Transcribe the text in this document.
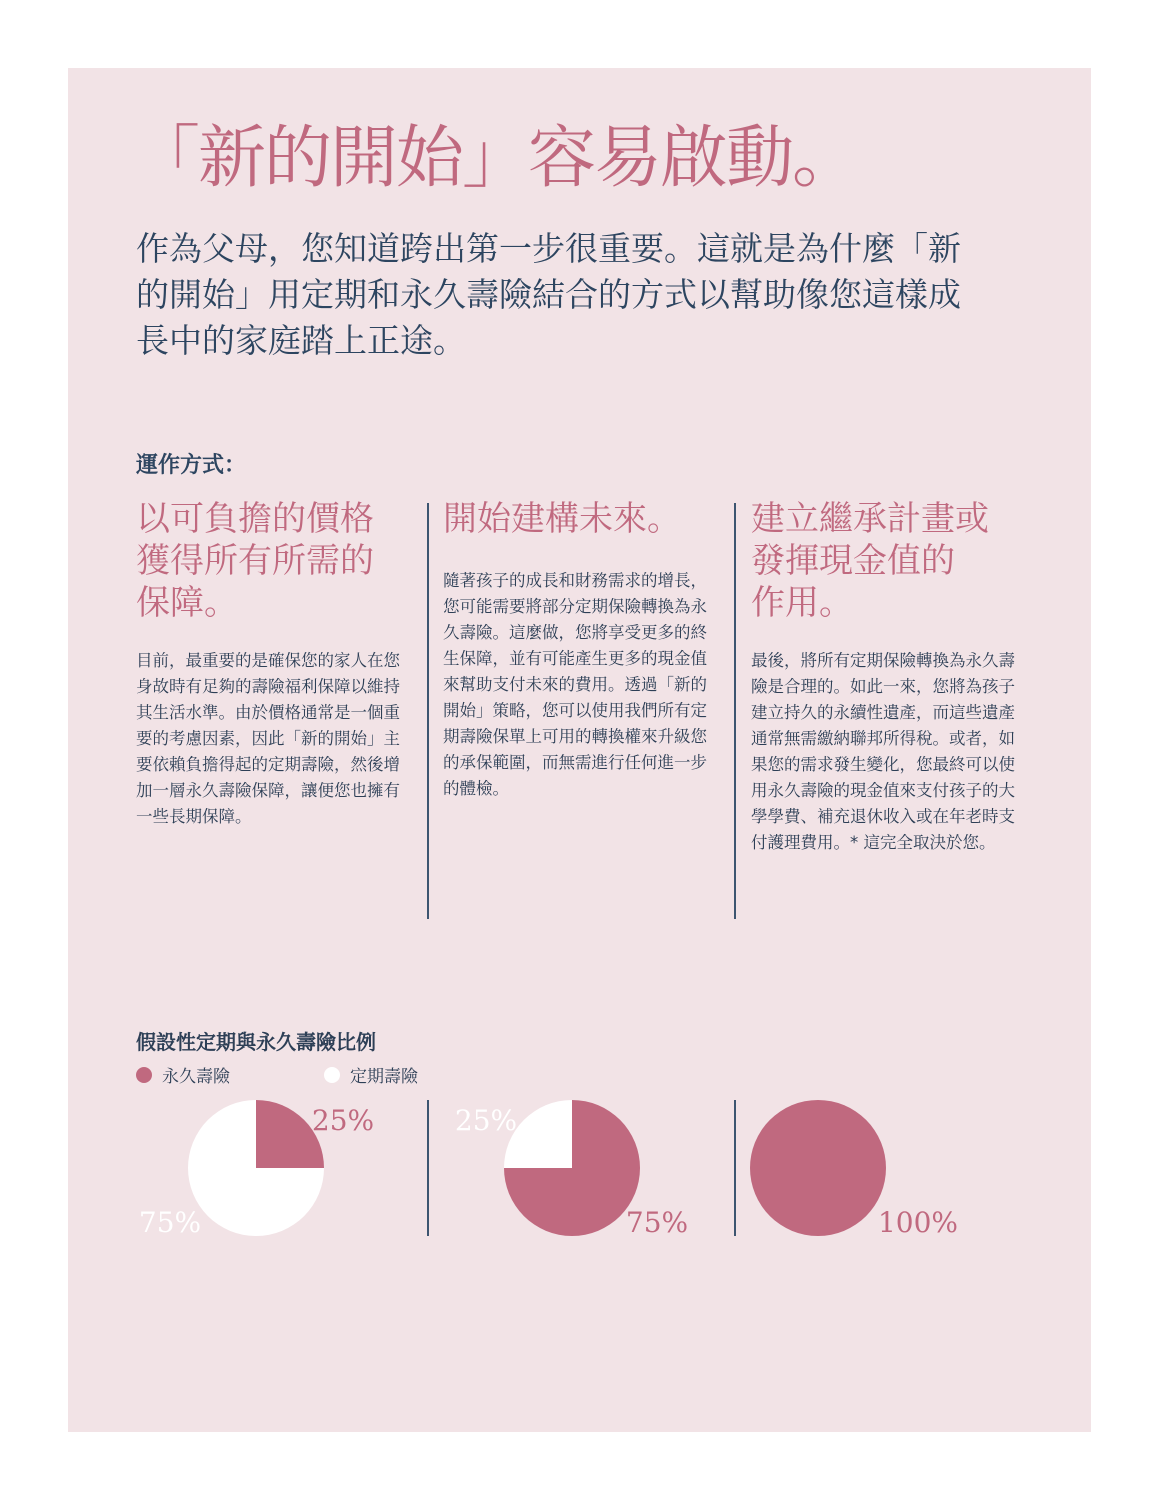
「新的開始」容易啟動。

作為父母，您知道跨出第一步很重要。這就是為什麼「新的開始」用定期和永久壽險結合的方式以幫助像您這樣成長中的家庭踏上正途。

運作方式：
以可負擔的價格
獲得所有所需的
保障。

目前，最重要的是確保您的家人在您身故時有足夠的壽險福利保障以維持其生活水準。由於價格通常是一個重要的考慮因素，因此「新的開始」主要依賴負擔得起的定期壽險，然後增加一層永久壽險保障，讓便您也擁有一些長期保障。

開始建構未來。

隨著孩子的成長和財務需求的增長，您可能需要將部分定期保險轉換為永久壽險。這麼做，您將享受更多的終生保障，並有可能產生更多的現金值來幫助支付未來的費用。透過「新的開始」策略，您可以使用我們所有定期壽險保單上可用的轉換權來升級您的承保範圍，而無需進行任何進一步的體檢。

建立繼承計畫或
發揮現金值的
作用。

最後，將所有定期保險轉換為永久壽險是合理的。如此一來，您將為孩子建立持久的永續性遺產，而這些遺產通常無需繳納聯邦所得稅。或者，如果您的需求發生變化，您最終可以使用永久壽險的現金值來支付孩子的大學學費、補充退休收入或在年老時支付護理費用。* 這完全取決於您。

假設性定期與永久壽險比例
永久壽險	定期壽險
25%
75%	75%
25%
100%
